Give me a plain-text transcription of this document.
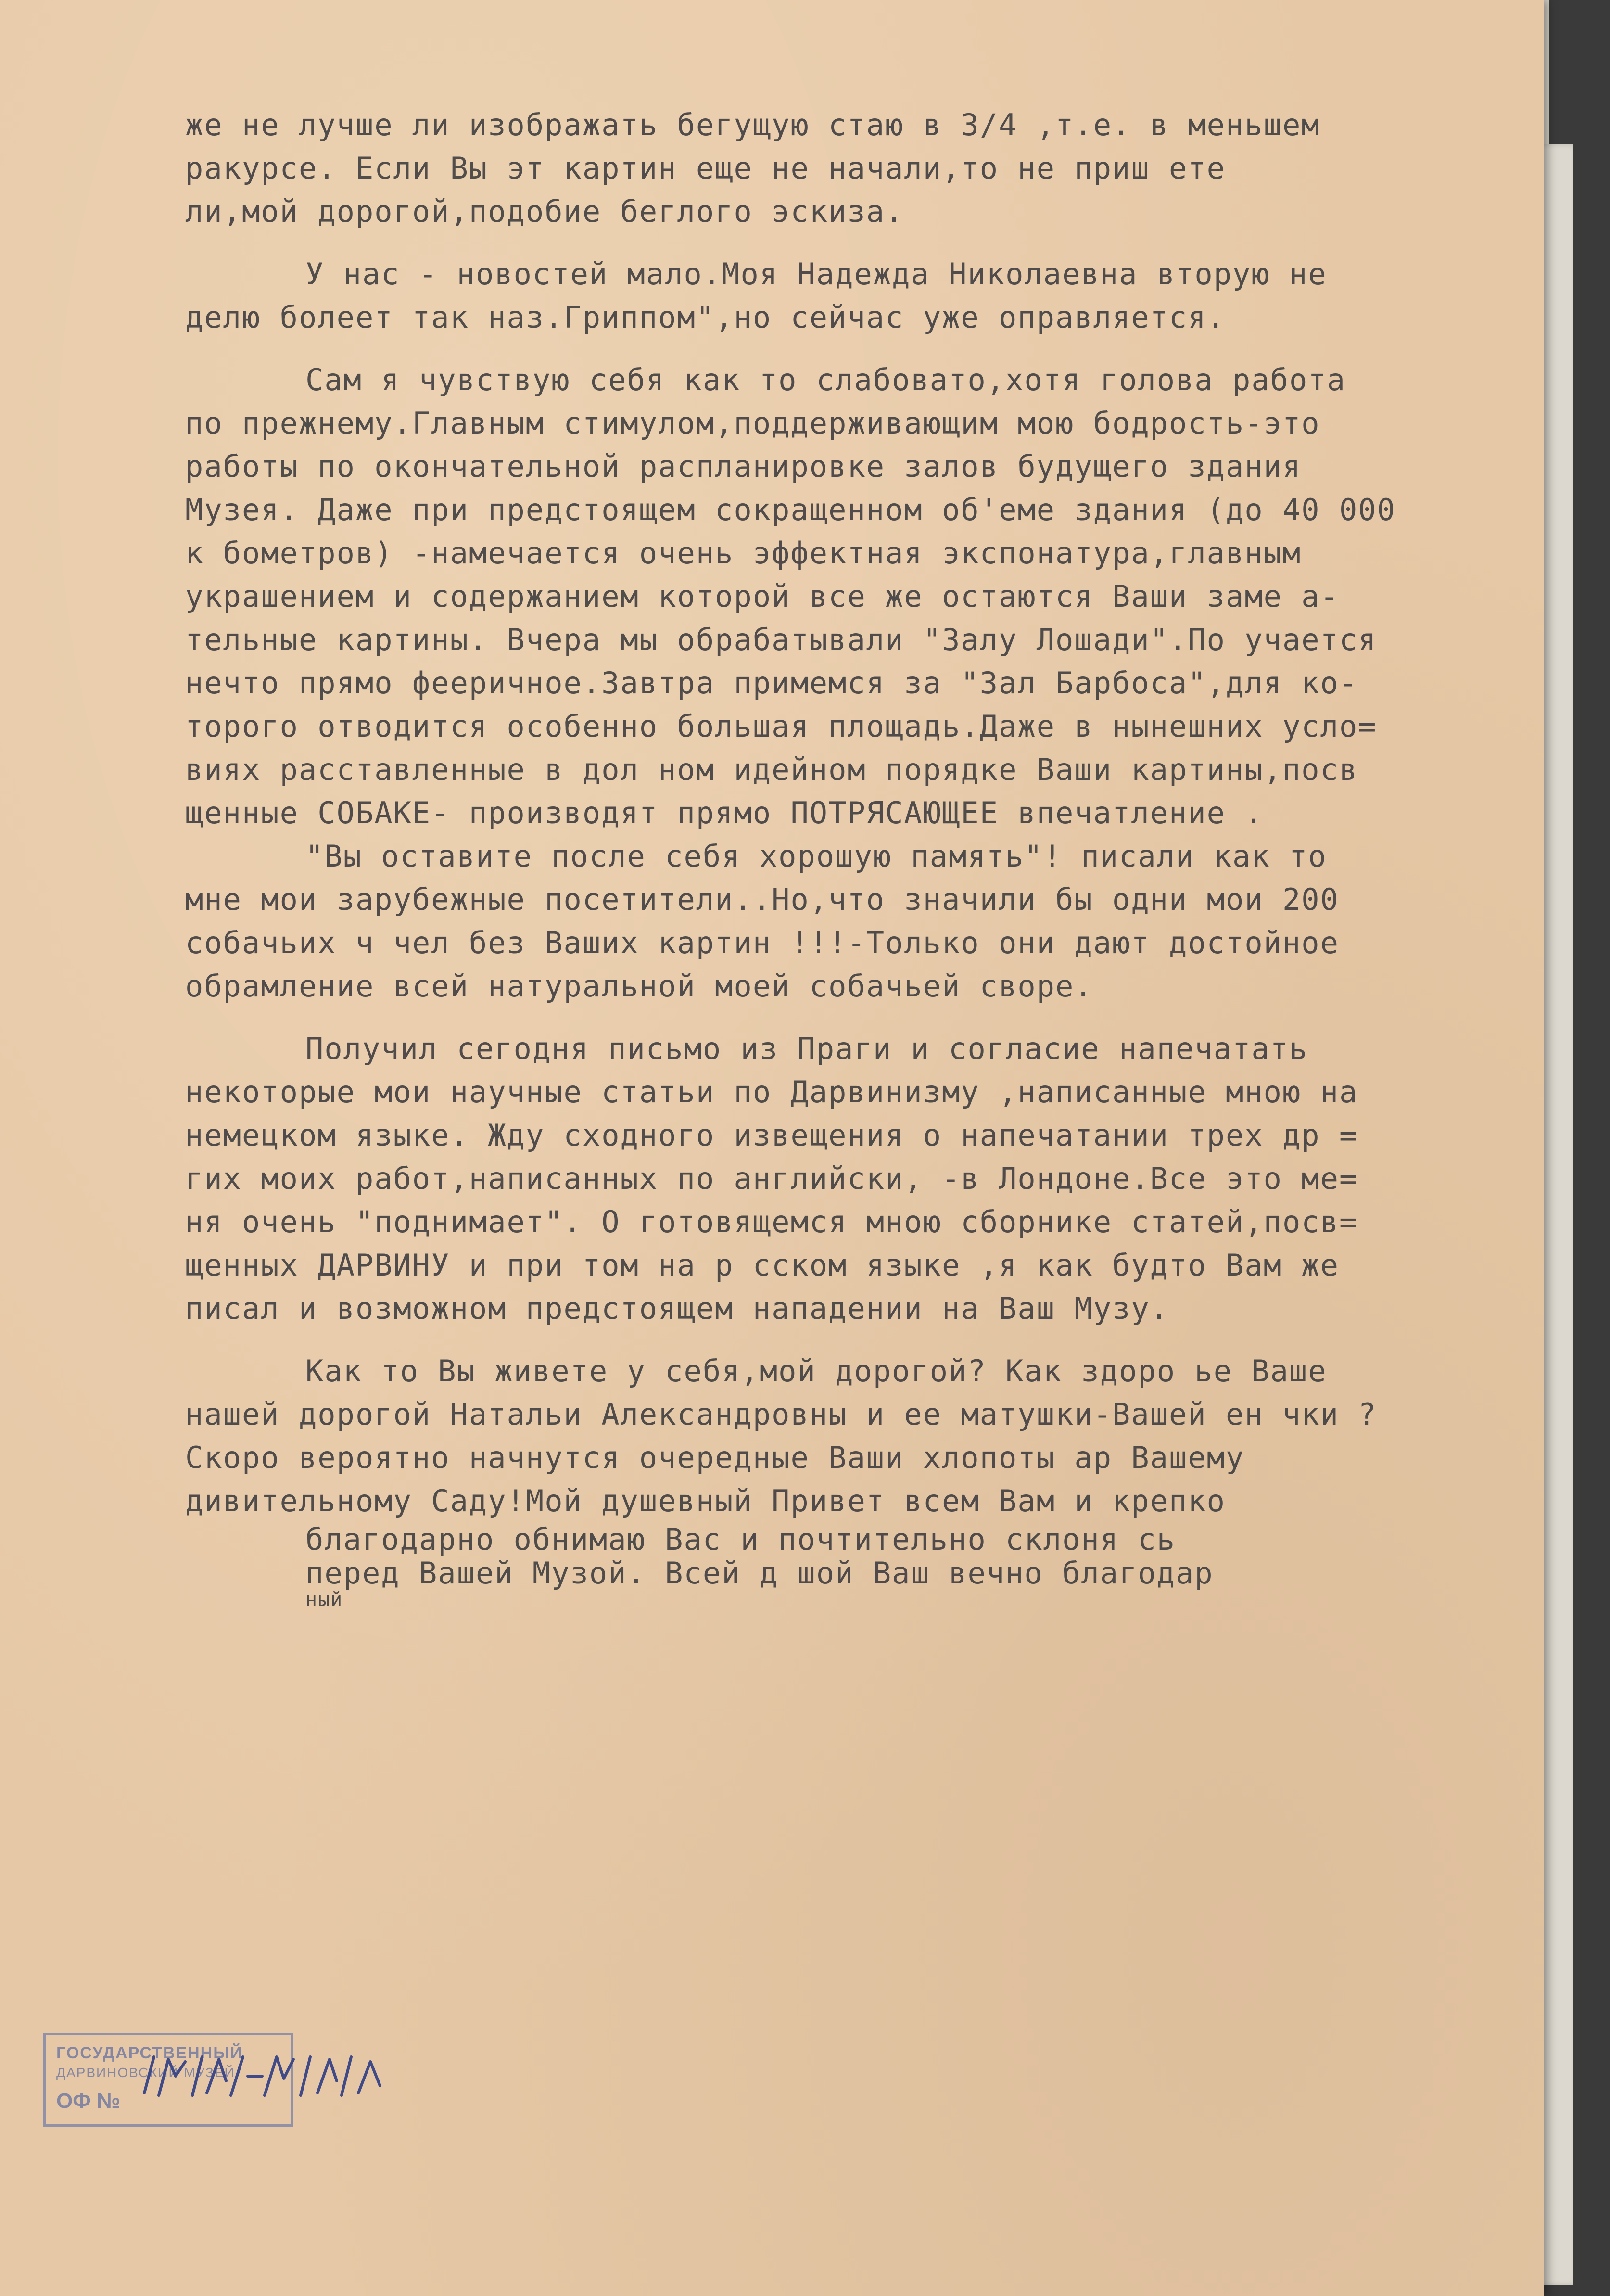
же не лучше ли изображать бегущую стаю в 3/4 ,т.е. в меньшем
ракурсе. Если Вы эт картин еще не начали,то не приш ете
ли,мой дорогой,подобие беглого эскиза.
У нас - новостей мало.Моя Надежда Николаевна вторую не
делю болеет так наз.Гриппом",но сейчас уже оправляется.
Сам я чувствую себя как то слабовато,хотя голова работа
по прежнему.Главным стимулом,поддерживающим мою бодрость-это
работы по окончательной распланировке залов будущего здания
Музея. Даже при предстоящем сокращенном об'еме здания (до 40 000
к бометров) -намечается очень эффектная экспонатура,главным
украшением и содержанием которой все же остаются Ваши заме а-
тельные картины. Вчера мы обрабатывали "Залу Лошади".По учается
нечто прямо фееричное.Завтра примемся за "Зал Барбоса",для ко-
торого отводится особенно большая площадь.Даже в нынешних усло=
виях расставленные в дол ном идейном порядке Ваши картины,посв
щенные СОБАКЕ- производят прямо ПОТРЯСАЮЩЕЕ впечатление .
"Вы оставите после себя хорошую память"! писали как то
мне мои зарубежные посетители..Но,что значили бы одни мои 200
собачьих ч чел без Ваших картин !!!-Только они дают достойное
обрамление всей натуральной моей собачьей своре.
Получил сегодня письмо из Праги и согласие напечатать
некоторые мои научные статьи по Дарвинизму ,написанные мною на
немецком языке. Жду сходного извещения о напечатании трех др =
гих моих работ,написанных по английски, -в Лондоне.Все это ме=
ня очень "поднимает". О готовящемся мною сборнике статей,посв=
щенных ДАРВИНУ и при том на р сском языке ,я как будто Вам же
писал и возможном предстоящем нападении на Ваш Музу.
Как то Вы живете у себя,мой дорогой? Как здоро ье Ваше
нашей дорогой Натальи Александровны и ее матушки-Вашей ен чки ?
Скоро вероятно начнутся очередные Ваши хлопоты ар Вашему
дивительному Саду!Мой душевный Привет всем Вам и крепко
благодарно обнимаю Вас и почтительно склоня сь
перед Вашей Музой. Всей д шой Ваш вечно благодар
ный
ГОСУДАРСТВЕННЫЙ
ДАРВИНОВСКИЙ МУЗЕЙ
ОФ №
